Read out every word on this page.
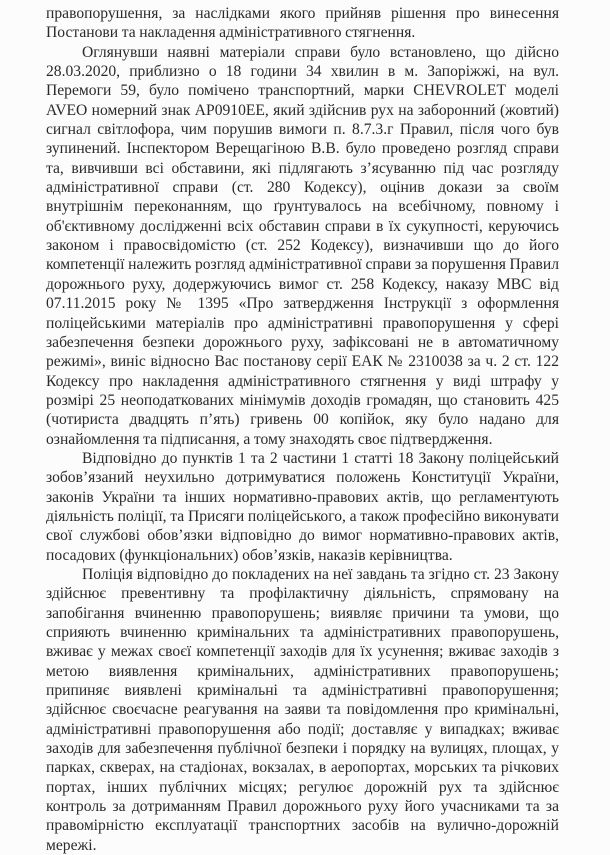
правопорушення, за наслідками якого прийняв рішення про винесення Постанови та накладення адміністративного стягнення.

Оглянувши наявні матеріали справи було встановлено, що дійсно 28.03.2020, приблизно о 18 години 34 хвилин в м. Запоріжжі, на вул. Перемоги 59, було помічено транспортний, марки CHEVROLET моделі AVEO номерний знак AP0910EE, який здійснив рух на заборонний (жовтий) сигнал світлофора, чим порушив вимоги п. 8.7.3.г Правил, після чого був зупинений. Інспектором Верещагіною В.В. було проведено розгляд справи та, вивчивши всі обставини, які підлягають з’ясуванню під час розгляду адміністративної справи (ст. 280 Кодексу), оцінив докази за своїм внутрішнім переконанням, що ґрунтувалось на всебічному, повному і об'єктивному дослідженні всіх обставин справи в їх сукупності, керуючись законом і правосвідомістю (ст. 252 Кодексу), визначивши що до його компетенції належить розгляд адміністративної справи за порушення Правил дорожнього руху, додержуючись вимог ст. 258 Кодексу, наказу МВС від 07.11.2015 року № 1395 «Про затвердження Інструкції з оформлення поліцейськими матеріалів про адміністративні правопорушення у сфері забезпечення безпеки дорожнього руху, зафіксовані не в автоматичному режимі», виніс відносно Вас постанову серії ЕАК № 2310038 за ч. 2 ст. 122 Кодексу про накладення адміністративного стягнення у виді штрафу у розмірі 25 неоподаткованих мінімумів доходів громадян, що становить 425 (чотириста двадцять п’ять) гривень 00 копійок, яку було надано для ознайомлення та підписання, а тому знаходять своє підтвердження.

Відповідно до пунктів 1 та 2 частини 1 статті 18 Закону поліцейський зобов’язаний неухильно дотримуватися положень Конституції України, законів України та інших нормативно-правових актів, що регламентують діяльність поліції, та Присяги поліцейського, а також професійно виконувати свої службові обов’язки відповідно до вимог нормативно-правових актів, посадових (функціональних) обов’язків, наказів керівництва.

Поліція відповідно до покладених на неї завдань та згідно ст. 23 Закону здійснює превентивну та профілактичну діяльність, спрямовану на запобігання вчиненню правопорушень; виявляє причини та умови, що сприяють вчиненню кримінальних та адміністративних правопорушень, вживає у межах своєї компетенції заходів для їх усунення; вживає заходів з метою виявлення кримінальних, адміністративних правопорушень; припиняє виявлені кримінальні та адміністративні правопорушення; здійснює своєчасне реагування на заяви та повідомлення про кримінальні, адміністративні правопорушення або події; доставляє у випадках; вживає заходів для забезпечення публічної безпеки і порядку на вулицях, площах, у парках, скверах, на стадіонах, вокзалах, в аеропортах, морських та річкових портах, інших публічних місцях; регулює дорожній рух та здійснює контроль за дотриманням Правил дорожнього руху його учасниками та за правомірністю експлуатації транспортних засобів на вулично-дорожній мережі.
